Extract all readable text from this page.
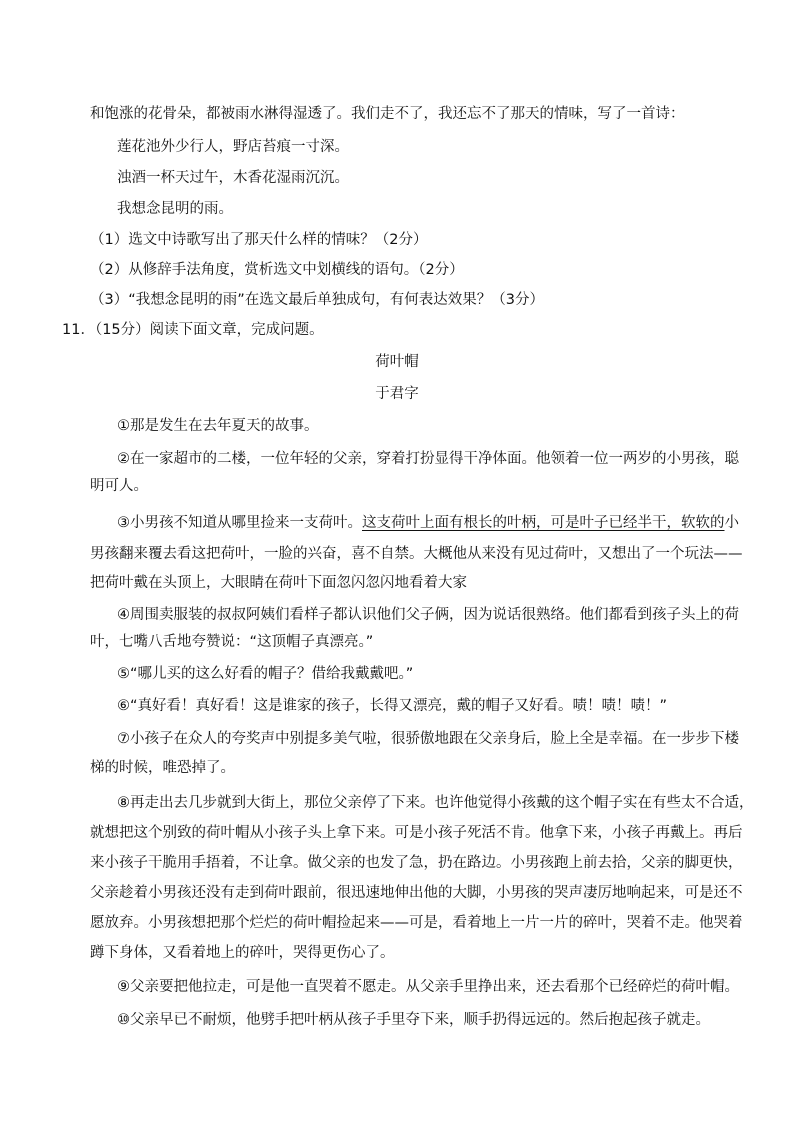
和饱涨的花骨朵，都被雨水淋得湿透了。我们走不了，我还忘不了那天的情味，写了一首诗：
莲花池外少行人，野店苔痕一寸深。
浊酒一杯天过午，木香花湿雨沉沉。
我想念昆明的雨。
（1）选文中诗歌写出了那天什么样的情味？（2分）
（2）从修辞手法角度，赏析选文中划横线的语句。（2分）
（3）“我想念昆明的雨”在选文最后单独成句，有何表达效果？（3分）
11．（15分）阅读下面文章，完成问题。
荷叶帽
于君字
①那是发生在去年夏天的故事。
②在一家超市的二楼，一位年轻的父亲，穿着打扮显得干净体面。他领着一位一两岁的小男孩，聪
明可人。
③小男孩不知道从哪里捡来一支荷叶。这支荷叶上面有根长的叶柄，可是叶子已经半干，软软的小
男孩翻来覆去看这把荷叶，一脸的兴奋，喜不自禁。大概他从来没有见过荷叶，又想出了一个玩法——
把荷叶戴在头顶上，大眼睛在荷叶下面忽闪忽闪地看着大家
④周围卖服装的叔叔阿姨们看样子都认识他们父子俩，因为说话很熟络。他们都看到孩子头上的荷
叶，七嘴八舌地夸赞说：“这顶帽子真漂亮。”
⑤“哪儿买的这么好看的帽子？借给我戴戴吧。”
⑥“真好看！真好看！这是谁家的孩子，长得又漂亮，戴的帽子又好看。啧！啧！啧！”
⑦小孩子在众人的夸奖声中别提多美气啦，很骄傲地跟在父亲身后，脸上全是幸福。在一步步下楼
梯的时候，唯恐掉了。
⑧再走出去几步就到大街上，那位父亲停了下来。也许他觉得小孩戴的这个帽子实在有些太不合适，
就想把这个别致的荷叶帽从小孩子头上拿下来。可是小孩子死活不肯。他拿下来，小孩子再戴上。再后
来小孩子干脆用手捂着，不让拿。做父亲的也发了急，扔在路边。小男孩跑上前去拾，父亲的脚更快，
父亲趁着小男孩还没有走到荷叶跟前，很迅速地伸出他的大脚，小男孩的哭声凄厉地响起来，可是还不
愿放弃。小男孩想把那个烂烂的荷叶帽捡起来——可是，看着地上一片一片的碎叶，哭着不走。他哭着
蹲下身体，又看着地上的碎叶，哭得更伤心了。
⑨父亲要把他拉走，可是他一直哭着不愿走。从父亲手里挣出来，还去看那个已经碎烂的荷叶帽。
⑩父亲早已不耐烦，他劈手把叶柄从孩子手里夺下来，顺手扔得远远的。然后抱起孩子就走。
